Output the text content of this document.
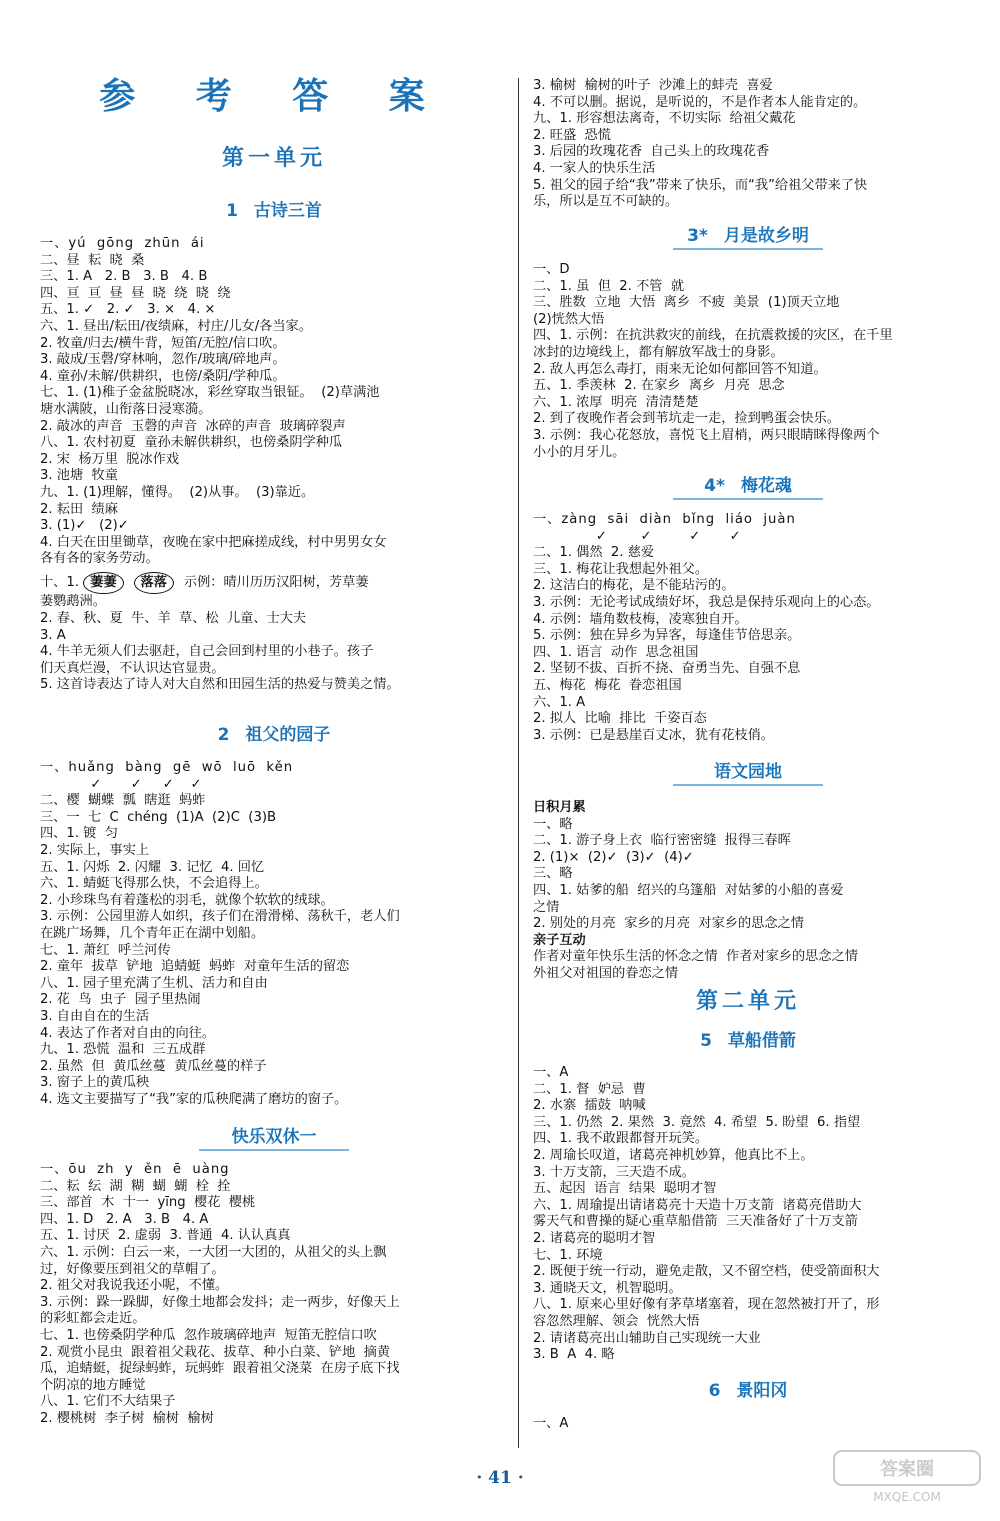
参 考 答 案
第一单元
1 古诗三首
一、yú  gōng  zhūn  ái
二、昼  耘  晓  桑
三、1. A   2. B   3. B   4. B
四、亘  亘  昼  昼  晓  绕  晓  绕
五、1. ✓   2. ✓   3. ×   4. ×
六、1. 昼出/耘田/夜绩麻，村庄/儿女/各当家。
2. 牧童/归去/横牛背，短笛/无腔/信口吹。
3. 敲成/玉磬/穿林响，忽作/玻璃/碎地声。
4. 童孙/未解/供耕织，也傍/桑阴/学种瓜。
七、1. (1)稚子金盆脱晓冰，彩丝穿取当银钲。  (2)草满池
塘水满陂，山衔落日浸寒漪。
2. 敲冰的声音  玉磬的声音  冰碎的声音  玻璃碎裂声
八、1. 农村初夏  童孙未解供耕织，也傍桑阴学种瓜
2. 宋  杨万里  脱冰作戏
3. 池塘  牧童
九、1. (1)理解，懂得。  (2)从事。  (3)靠近。
2. 耘田  绩麻
3. (1)✓   (2)✓
4. 白天在田里锄草，夜晚在家中把麻搓成线，村中男男女女
各有各的家务劳动。
十、1. 萋萋 落落 示例：晴川历历汉阳树，芳草萋
萋鹦鹉洲。
2. 春、秋、夏  牛、羊  草、松  儿童、士大夫
3. A
4. 牛羊无须人们去驱赶，自己会回到村里的小巷子。孩子
们天真烂漫，不认识达官显贵。
5. 这首诗表达了诗人对大自然和田园生活的热爱与赞美之情。
2 祖父的园子
一、huǎng  bàng  gē  wō  luō  kěn
✓       ✓     ✓    ✓
二、樱  蝴蝶  瓢  瞎逛  蚂蚱
三、一  七  C  chéng  (1)A  (2)C  (3)B
四、1. 镀  匀
2. 实际上，事实上
五、1. 闪烁  2. 闪耀  3. 记忆  4. 回忆
六、1. 蜻蜓飞得那么快，不会追得上。
2. 小珍珠鸟有着蓬松的羽毛，就像个软软的绒球。
3. 示例：公园里游人如织，孩子们在滑滑梯、荡秋千，老人们
在跳广场舞，几个青年正在湖中划船。
七、1. 萧红  呼兰河传
2. 童年  拔草  铲地  追蜻蜓  蚂蚱  对童年生活的留恋
八、1. 园子里充满了生机、活力和自由
2. 花  鸟  虫子  园子里热闹
3. 自由自在的生活
4. 表达了作者对自由的向往。
九、1. 恐慌  温和  三五成群
2. 虽然  但  黄瓜丝蔓  黄瓜丝蔓的样子
3. 窗子上的黄瓜秧
4. 选文主要描写了“我”家的瓜秧爬满了磨坊的窗子。
快乐双休一
一、ōu  zh  y  ěn  ē  uàng
二、耘  纭  湖  糊  蝴  蝴  栓  拴
三、部首  木  十一  yīng  樱花  樱桃
四、1. D   2. A   3. B   4. A
五、1. 讨厌  2. 虚弱  3. 普通  4. 认认真真
六、1. 示例：白云一来，一大团一大团的，从祖父的头上飘
过，好像要压到祖父的草帽了。
2. 祖父对我说我还小呢，不懂。
3. 示例：跺一跺脚，好像土地都会发抖；走一两步，好像天上
的彩虹都会走近。
七、1. 也傍桑阴学种瓜  忽作玻璃碎地声  短笛无腔信口吹
2. 观赏小昆虫  跟着祖父栽花、拔草、种小白菜、铲地  摘黄
瓜，追蜻蜓，捉绿蚂蚱，玩蚂蚱  跟着祖父浇菜  在房子底下找
个阴凉的地方睡觉
八、1. 它们不大结果子
2. 樱桃树  李子树  榆树  榆树
3. 榆树  榆树的叶子  沙滩上的蚌壳  喜爱
4. 不可以删。据说，是听说的，不是作者本人能肯定的。
九、1. 形容想法离奇，不切实际  给祖父戴花
2. 旺盛  恐慌
3. 后园的玫瑰花香  自己头上的玫瑰花香
4. 一家人的快乐生活
5. 祖父的园子给“我”带来了快乐，而“我”给祖父带来了快
乐，所以是互不可缺的。
3* 月是故乡明
一、D
二、1. 虽  但  2. 不管  就
三、胜数  立地  大悟  离乡  不疲  美景  (1)顶天立地
(2)恍然大悟
四、1. 示例：在抗洪救灾的前线，在抗震救援的灾区，在千里
冰封的边境线上，都有解放军战士的身影。
2. 敌人再怎么毒打，雨来无论如何都回答不知道。
五、1. 季羡林  2. 在家乡  离乡  月亮  思念
六、1. 浓厚  明亮  清清楚楚
2. 到了夜晚作者会到苇坑走一走，捡到鸭蛋会快乐。
3. 示例：我心花怒放，喜悦飞上眉梢，两只眼睛眯得像两个
小小的月牙儿。
4* 梅花魂
一、zàng  sāi  diàn  bǐng  liáo  juàn
✓        ✓         ✓       ✓
二、1. 偶然  2. 慈爱
三、1. 梅花让我想起外祖父。
2. 这洁白的梅花，是不能玷污的。
3. 示例：无论考试成绩好坏，我总是保持乐观向上的心态。
4. 示例：墙角数枝梅，凌寒独自开。
5. 示例：独在异乡为异客，每逢佳节倍思亲。
四、1. 语言  动作  思念祖国
2. 坚韧不拔、百折不挠、奋勇当先、自强不息
五、梅花  梅花  眷恋祖国
六、1. A
2. 拟人  比喻  排比  千姿百态
3. 示例：已是悬崖百丈冰，犹有花枝俏。
语文园地
日积月累
一、略
二、1. 游子身上衣  临行密密缝  报得三春晖
2. (1)×  (2)✓  (3)✓  (4)✓
三、略
四、1. 姑爹的船  绍兴的乌篷船  对姑爹的小船的喜爱
之情
2. 别处的月亮  家乡的月亮  对家乡的思念之情
亲子互动
作者对童年快乐生活的怀念之情  作者对家乡的思念之情
外祖父对祖国的眷恋之情
第二单元
5 草船借箭
一、A
二、1. 督  妒忌  曹
2. 水寨  擂鼓  呐喊
三、1. 仍然  2. 果然  3. 竟然  4. 希望  5. 盼望  6. 指望
四、1. 我不敢跟都督开玩笑。
2. 周瑜长叹道，诸葛亮神机妙算，他真比不上。
3. 十万支箭，三天造不成。
五、起因  语言  结果  聪明才智
六、1. 周瑜提出请诸葛亮十天造十万支箭  诸葛亮借助大
雾天气和曹操的疑心重草船借箭  三天准备好了十万支箭
2. 诸葛亮的聪明才智
七、1. 环境
2. 既便于统一行动，避免走散，又不留空档，使受箭面积大
3. 通晓天文，机智聪明。
八、1. 原来心里好像有茅草堵塞着，现在忽然被打开了，形
容忽然理解、领会  恍然大悟
2. 请诸葛亮出山辅助自己实现统一大业
3. B  A  4. 略
6 景阳冈
一、A
· 41 ·	答案圈
MXQE.COM
